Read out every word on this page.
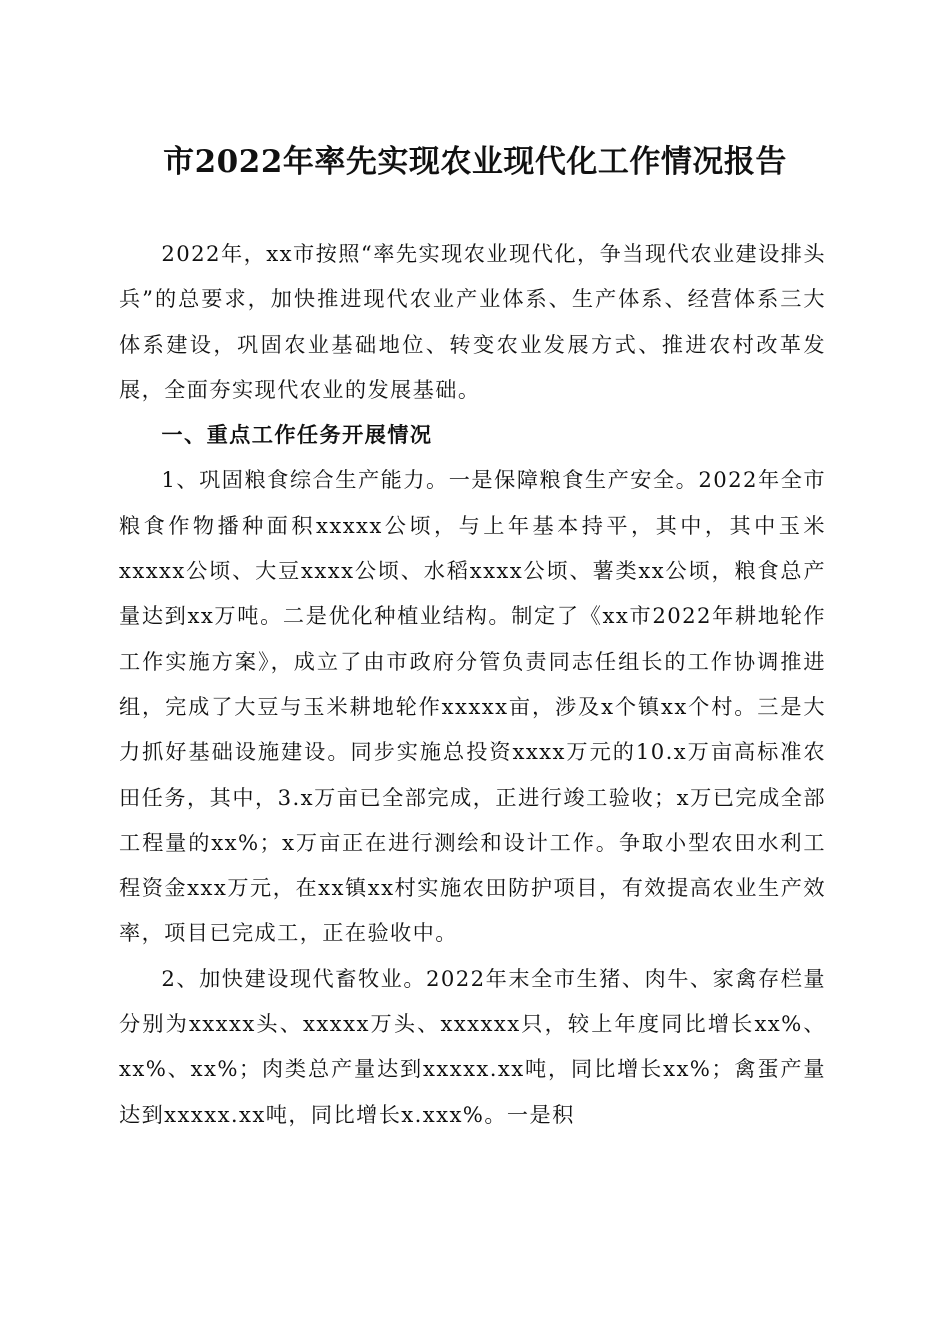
市2022年率先实现农业现代化工作情况报告

2022年，xx市按照“率先实现农业现代化，争当现代农业建设排头兵”的总要求，加快推进现代农业产业体系、生产体系、经营体系三大体系建设，巩固农业基础地位、转变农业发展方式、推进农村改革发展，全面夯实现代农业的发展基础。

一、重点工作任务开展情况

1、巩固粮食综合生产能力。一是保障粮食生产安全。2022年全市粮食作物播种面积xxxxx公顷，与上年基本持平，其中，其中玉米xxxxx公顷、大豆xxxx公顷、水稻xxxx公顷、薯类xx公顷，粮食总产量达到xx万吨。二是优化种植业结构。制定了《xx市2022年耕地轮作工作实施方案》，成立了由市政府分管负责同志任组长的工作协调推进组，完成了大豆与玉米耕地轮作xxxxx亩，涉及x个镇xx个村。三是大力抓好基础设施建设。同步实施总投资xxxx万元的10.x万亩高标准农田任务，其中，3.x万亩已全部完成，正进行竣工验收；x万已完成全部工程量的xx%；x万亩正在进行测绘和设计工作。争取小型农田水利工程资金xxx万元，在xx镇xx村实施农田防护项目，有效提高农业生产效率，项目已完成工，正在验收中。

2、加快建设现代畜牧业。2022年末全市生猪、肉牛、家禽存栏量分别为xxxxx头、xxxxx万头、xxxxxx只，较上年度同比增长xx%、xx%、xx%；肉类总产量达到xxxxx.xx吨，同比增长xx%；禽蛋产量达到xxxxx.xx吨，同比增长x.xxx%。一是积
